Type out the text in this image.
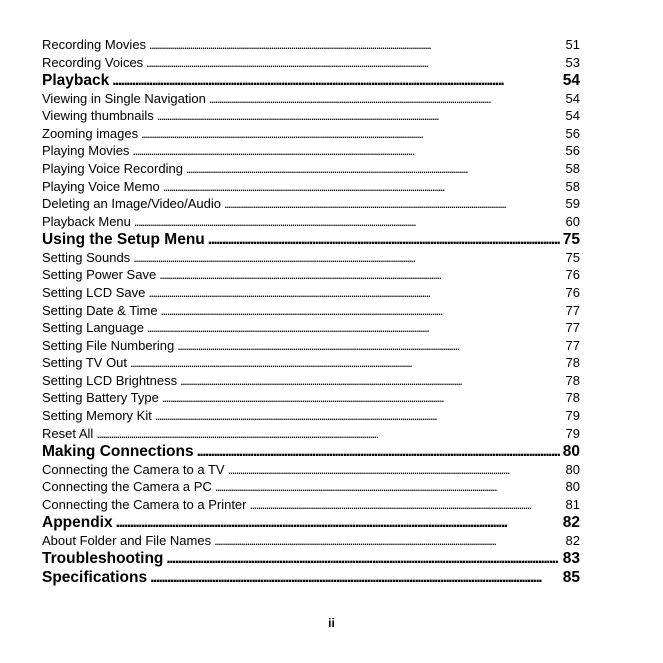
Recording Movies . . .	51
Recording Voices . . .	53
Playback . . .	54
Viewing in Single Navigation . . .	54
Viewing thumbnails . . .	54
Zooming images . . .	56
Playing Movies . . .	56
Playing Voice Recording . . .	58
Playing Voice Memo . . .	58
Deleting an Image/Video/Audio . . .	59
Playback Menu . . .	60
Using the Setup Menu . . .	75
Setting Sounds . . .	75
Setting Power Save . . .	76
Setting LCD Save . . .	76
Setting Date & Time . . .	77
Setting Language . . .	77
Setting File Numbering . . .	77
Setting TV Out . . .	78
Setting LCD Brightness . . .	78
Setting Battery Type . . .	78
Setting Memory Kit . . .	79
Reset All . . .	79
Making Connections . . .	80
Connecting the Camera to a TV . . .	80
Connecting the Camera a PC . . .	80
Connecting the Camera to a Printer . . .	81
Appendix . . .	82
About Folder and File Names . . .	82
Troubleshooting . . .	83
Specifications . . .	85
ii
